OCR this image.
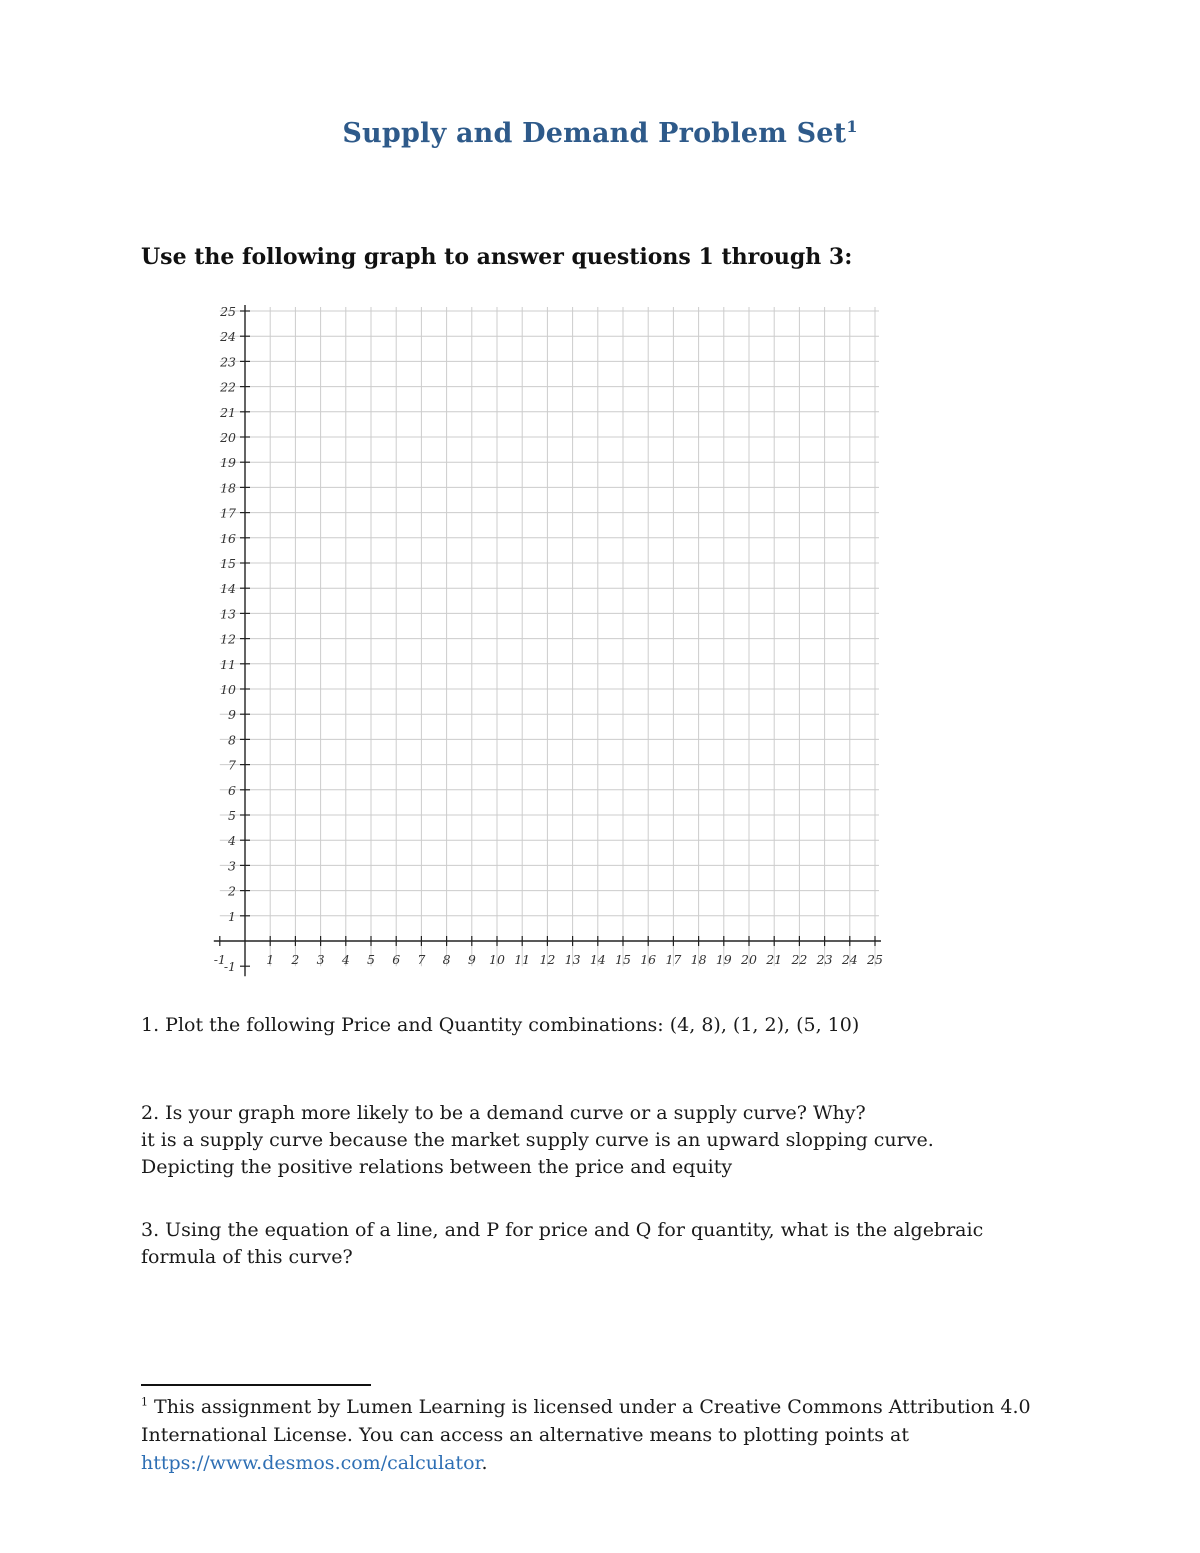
Supply and Demand Problem Set$^1$
Use the following graph to answer questions 1 through 3:
-1	1 2 3 4 5 6 7 8 9 10 11 12 13 14 15 16 17 18 19 20 21 22 23 24 25
-1
1
2
3
4
5
6
7
8
9
10
11
12
13
14
15
16
17
18
19
20
21
22
23
24
25
1. Plot the following Price and Quantity combinations: (4, 8), (1, 2), (5, 10)
2. Is your graph more likely to be a demand curve or a supply curve? Why?
it is a supply curve because the market supply curve is an upward slopping curve.
Depicting the positive relations between the price and equity
3. Using the equation of a line, and P for price and Q for quantity, what is the algebraic
formula of this curve?
$^1$ This assignment by Lumen Learning is licensed under a Creative Commons Attribution 4.0 International License. You can access an alternative means to plotting points at https://www.desmos.com/calculator.
